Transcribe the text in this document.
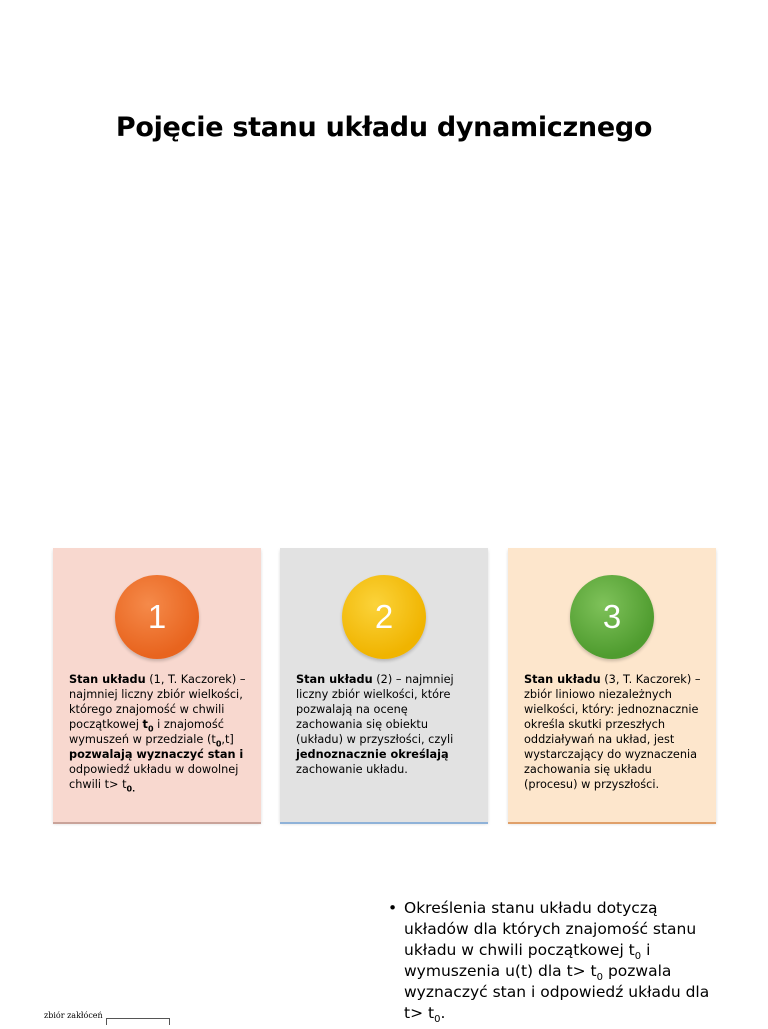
Pojęcie stanu układu dynamicznego
1
Stan układu (1, T. Kaczorek) – najmniej liczny zbiór wielkości, którego znajomość w chwili początkowej $t_0$ i znajomość wymuszeń w przedziale $(t_0,t]$ pozwalają wyznaczyć stan i odpowiedź układu w dowolnej chwili $t> t_{0.}$
2
Stan układu (2) – najmniej liczny zbiór wielkości, które pozwalają na ocenę zachowania się obiektu (układu) w przyszłości, czyli jednoznacznie określają zachowanie układu.
3
Stan układu (3, T. Kaczorek) – zbiór liniowo niezależnych wielkości, który: jednoznacznie określa skutki przeszłych oddziaływań na układ, jest wystarczający do wyznaczenia zachowania się układu (procesu) w przyszłości.
• Określenia stanu układu dotyczą układów dla których znajomość stanu układu w chwili początkowej $t_0$ i wymuszenia u(t) dla $t> t_0$ pozwala wyznaczyć stan i odpowiedź układu dla $t> t_0$.
zbiór zakłóceń
